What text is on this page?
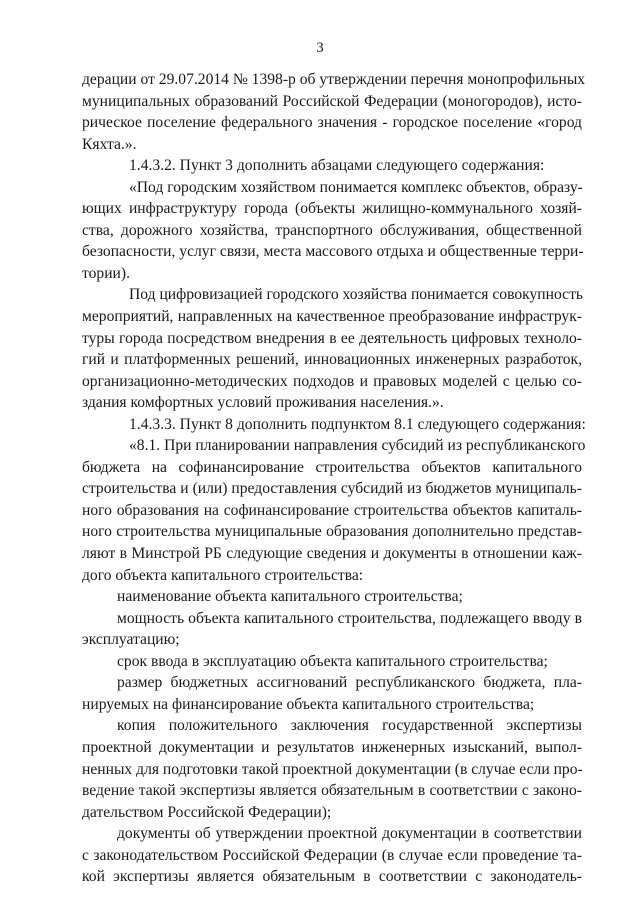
3
дерации от 29.07.2014 № 1398-р об утверждении перечня монопрофильных
муниципальных образований Российской Федерации (моногородов), исто-
рическое поселение федерального значения - городское поселение «город
Кяхта.».
1.4.3.2. Пункт 3 дополнить абзацами следующего содержания:
«Под городским хозяйством понимается комплекс объектов, образу-
ющих инфраструктуру города (объекты жилищно-коммунального хозяй-
ства, дорожного хозяйства, транспортного обслуживания, общественной
безопасности, услуг связи, места массового отдыха и общественные терри-
тории).
Под цифровизацией городского хозяйства понимается совокупность
мероприятий, направленных на качественное преобразование инфраструк-
туры города посредством внедрения в ее деятельность цифровых техноло-
гий и платформенных решений, инновационных инженерных разработок,
организационно-методических подходов и правовых моделей с целью со-
здания комфортных условий проживания населения.».
1.4.3.3. Пункт 8 дополнить подпунктом 8.1 следующего содержания:
«8.1. При планировании направления субсидий из республиканского
бюджета на софинансирование строительства объектов капитального
строительства и (или) предоставления субсидий из бюджетов муниципаль-
ного образования на софинансирование строительства объектов капиталь-
ного строительства муниципальные образования дополнительно представ-
ляют в Минстрой РБ следующие сведения и документы в отношении каж-
дого объекта капитального строительства:
наименование объекта капитального строительства;
мощность объекта капитального строительства, подлежащего вводу в
эксплуатацию;
срок ввода в эксплуатацию объекта капитального строительства;
размер бюджетных ассигнований республиканского бюджета, пла-
нируемых на финансирование объекта капитального строительства;
копия положительного заключения государственной экспертизы
проектной документации и результатов инженерных изысканий, выпол-
ненных для подготовки такой проектной документации (в случае если про-
ведение такой экспертизы является обязательным в соответствии с законо-
дательством Российской Федерации);
документы об утверждении проектной документации в соответствии
с законодательством Российской Федерации (в случае если проведение та-
кой экспертизы является обязательным в соответствии с законодатель-
